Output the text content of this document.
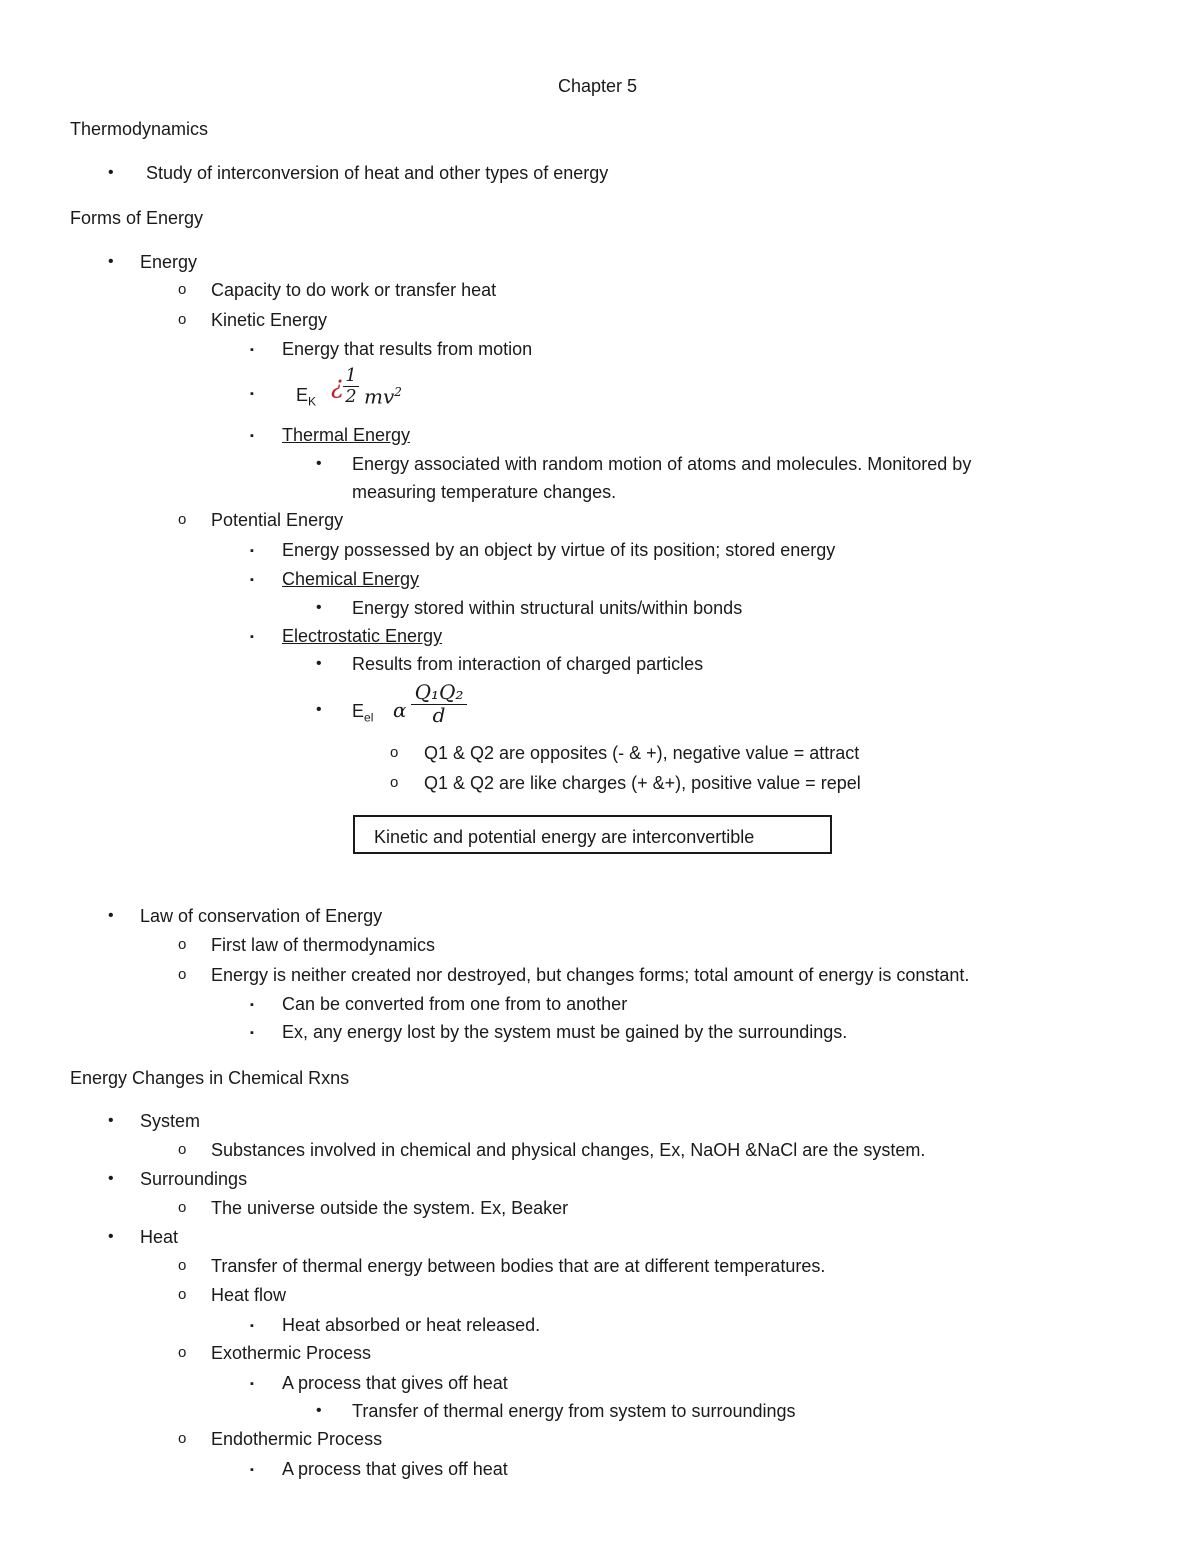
Chapter 5
Thermodynamics
• Study of interconversion of heat and other types of energy
Forms of Energy
• Energy
o Capacity to do work or transfer heat
o Kinetic Energy
▪ Energy that results from motion
▪ $E_K$
¿ 1
2 $mv^2$
▪ Thermal Energy
• Energy associated with random motion of atoms and molecules. Monitored by
measuring temperature changes.
o Potential Energy
▪ Energy possessed by an object by virtue of its position; stored energy
▪ Chemical Energy
• Energy stored within structural units/within bonds
▪ Electrostatic Energy
• Results from interaction of charged particles
• $E_{el}$ α
Q₁Q₂
d
o Q1 & Q2 are opposites (- & +), negative value = attract
o Q1 & Q2 are like charges (+ &+), positive value = repel
Kinetic and potential energy are interconvertible
• Law of conservation of Energy
o First law of thermodynamics
o Energy is neither created nor destroyed, but changes forms; total amount of energy is constant.
▪ Can be converted from one from to another
▪ Ex, any energy lost by the system must be gained by the surroundings.
Energy Changes in Chemical Rxns
• System
o Substances involved in chemical and physical changes, Ex, NaOH &NaCl are the system.
• Surroundings
o The universe outside the system. Ex, Beaker
• Heat
o Transfer of thermal energy between bodies that are at different temperatures.
o Heat flow
▪ Heat absorbed or heat released.
o Exothermic Process
▪ A process that gives off heat
• Transfer of thermal energy from system to surroundings
o Endothermic Process
▪ A process that gives off heat
